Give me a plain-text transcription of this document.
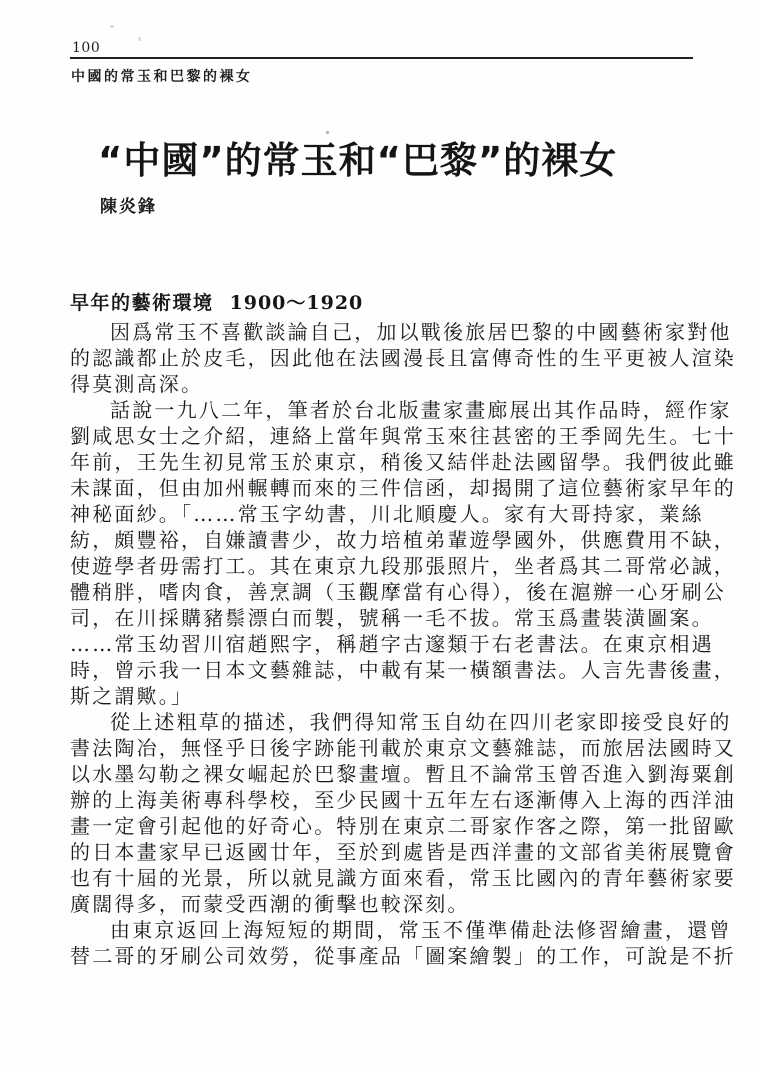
100
中國的常玉和巴黎的裸女
“中國”的常玉和“巴黎”的裸女
陳炎鋒
早年的藝術環境 1900～1920
因爲常玉不喜歡談論自己，加以戰後旅居巴黎的中國藝術家對他
的認識都止於皮毛，因此他在法國漫長且富傳奇性的生平更被人渲染
得莫測高深。
話說一九八二年，筆者於台北版畫家畫廊展出其作品時，經作家
劉咸思女士之介紹，連絡上當年與常玉來往甚密的王季岡先生。七十
年前，王先生初見常玉於東京，稍後又結伴赴法國留學。我們彼此雖
未謀面，但由加州輾轉而來的三件信函，却揭開了這位藝術家早年的
神秘面紗。「……常玉字幼書，川北順慶人。家有大哥持家，業絲
紡，頗豐裕，自嫌讀書少，故力培植弟輩遊學國外，供應費用不缺，
使遊學者毋需打工。其在東京九段那張照片，坐者爲其二哥常必誠，
體稍胖，嗜肉食，善烹調（玉觀摩當有心得），後在滬辦一心牙刷公
司，在川採購豬鬃漂白而製，號稱一毛不拔。常玉爲畫裝潢圖案。
……常玉幼習川宿趙熙字，稱趙字古邃類于右老書法。在東京相遇
時，曾示我一日本文藝雜誌，中載有某一橫額書法。人言先書後畫，
斯之謂歟。」
從上述粗草的描述，我們得知常玉自幼在四川老家即接受良好的
書法陶冶，無怪乎日後字跡能刊載於東京文藝雜誌，而旅居法國時又
以水墨勾勒之裸女崛起於巴黎畫壇。暫且不論常玉曾否進入劉海粟創
辦的上海美術專科學校，至少民國十五年左右逐漸傳入上海的西洋油
畫一定會引起他的好奇心。特別在東京二哥家作客之際，第一批留歐
的日本畫家早已返國廿年，至於到處皆是西洋畫的文部省美術展覽會
也有十屆的光景，所以就見識方面來看，常玉比國內的青年藝術家要
廣闊得多，而蒙受西潮的衝擊也較深刻。
由東京返回上海短短的期間，常玉不僅準備赴法修習繪畫，還曾
替二哥的牙刷公司效勞，從事產品「圖案繪製」的工作，可說是不折
